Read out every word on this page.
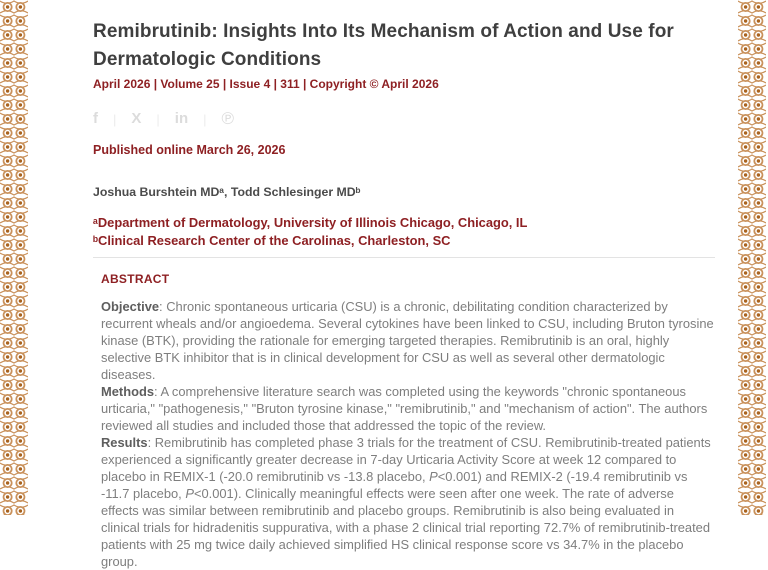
Remibrutinib: Insights Into Its Mechanism of Action and Use for Dermatologic Conditions
April 2026 | Volume 25 | Issue 4 | 311 | Copyright © April 2026
f | X | in | ℗
Published online March 26, 2026
Joshua Burshtein MDᵃ, Todd Schlesinger MDᵇ
ᵃDepartment of Dermatology, University of Illinois Chicago, Chicago, IL
ᵇClinical Research Center of the Carolinas, Charleston, SC
ABSTRACT

Objective: Chronic spontaneous urticaria (CSU) is a chronic, debilitating condition characterized by recurrent wheals and/or angioedema. Several cytokines have been linked to CSU, including Bruton tyrosine kinase (BTK), providing the rationale for emerging targeted therapies. Remibrutinib is an oral, highly selective BTK inhibitor that is in clinical development for CSU as well as several other dermatologic diseases.

Methods: A comprehensive literature search was completed using the keywords "chronic spontaneous urticaria," "pathogenesis," "Bruton tyrosine kinase," "remibrutinib," and "mechanism of action". The authors reviewed all studies and included those that addressed the topic of the review.

Results: Remibrutinib has completed phase 3 trials for the treatment of CSU. Remibrutinib-treated patients experienced a significantly greater decrease in 7-day Urticaria Activity Score at week 12 compared to placebo in REMIX-1 (-20.0 remibrutinib vs -13.8 placebo, P<0.001) and REMIX-2 (-19.4 remibrutinib vs -11.7 placebo, P<0.001). Clinically meaningful effects were seen after one week. The rate of adverse effects was similar between remibrutinib and placebo groups. Remibrutinib is also being evaluated in clinical trials for hidradenitis suppurativa, with a phase 2 clinical trial reporting 72.7% of remibrutinib-treated patients with 25 mg twice daily achieved simplified HS clinical response score vs 34.7% in the placebo group.
